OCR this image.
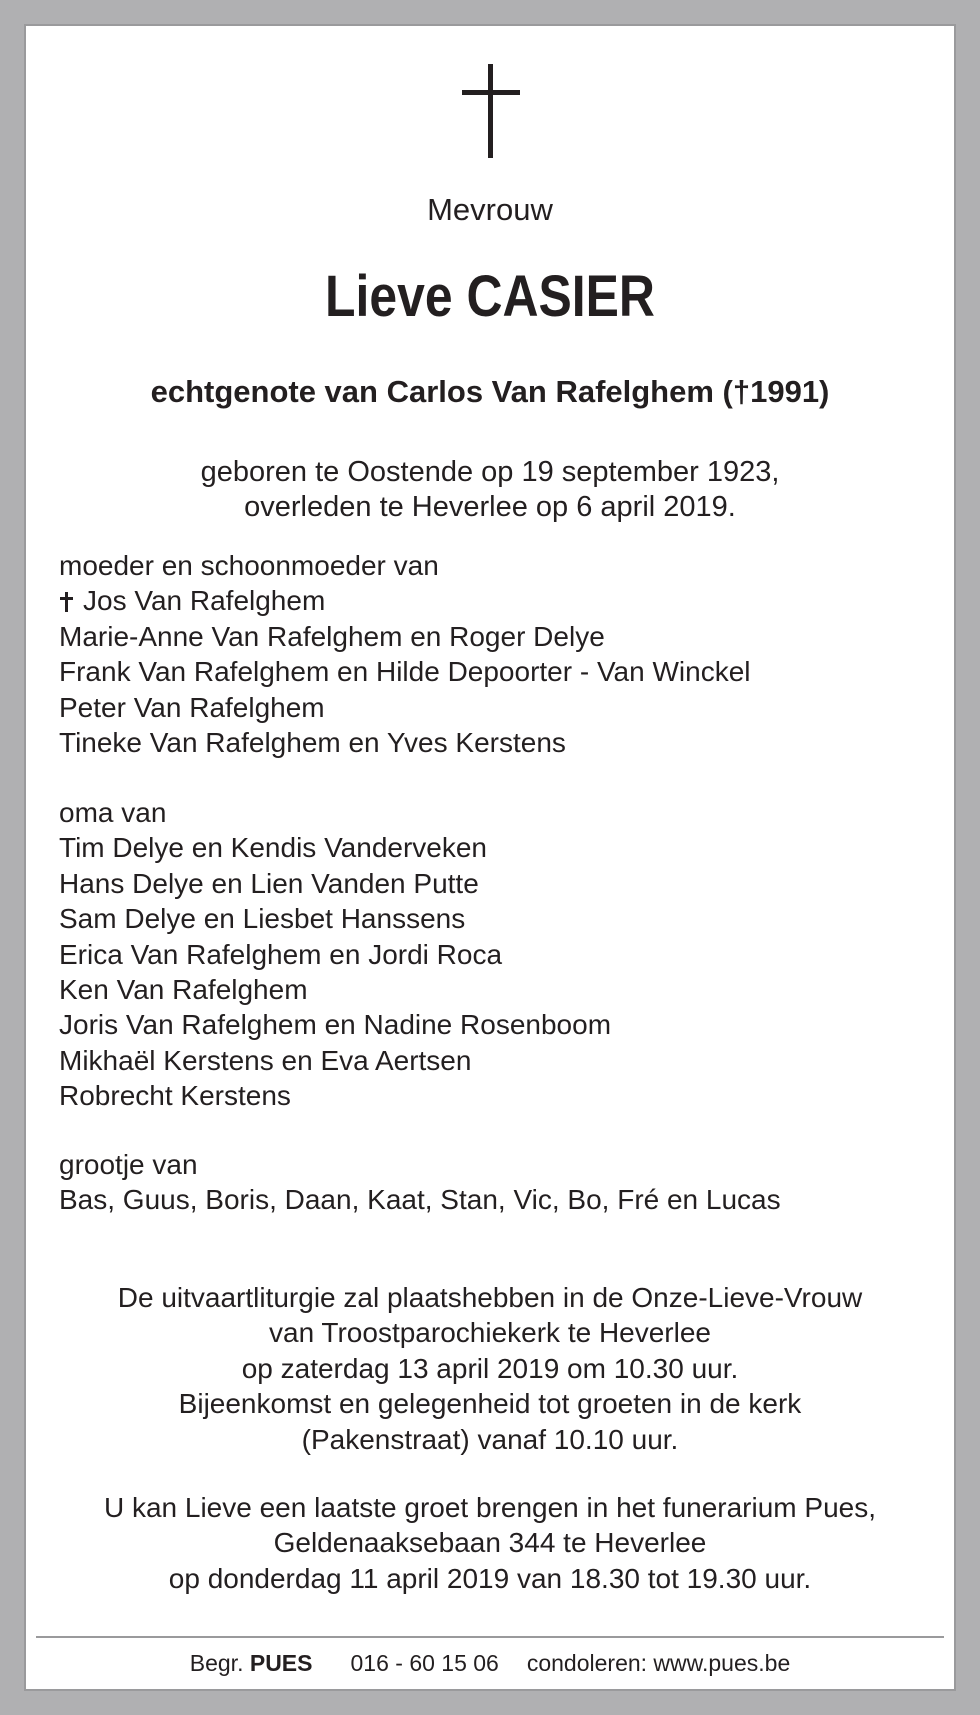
Mevrouw
Lieve CASIER
echtgenote van Carlos Van Rafelghem (†1991)
geboren te Oostende op 19 september 1923,
overleden te Heverlee op 6 april 2019.
moeder en schoonmoeder van
Jos Van Rafelghem
Marie-Anne Van Rafelghem en Roger Delye
Frank Van Rafelghem en Hilde Depoorter - Van Winckel
Peter Van Rafelghem
Tineke Van Rafelghem en Yves Kerstens
oma van
Tim Delye en Kendis Vanderveken
Hans Delye en Lien Vanden Putte
Sam Delye en Liesbet Hanssens
Erica Van Rafelghem en Jordi Roca
Ken Van Rafelghem
Joris Van Rafelghem en Nadine Rosenboom
Mikhaël Kerstens en Eva Aertsen
Robrecht Kerstens
grootje van
Bas, Guus, Boris, Daan, Kaat, Stan, Vic, Bo, Fré en Lucas
De uitvaartliturgie zal plaatshebben in de Onze-Lieve-Vrouw
van Troostparochiekerk te Heverlee
op zaterdag 13 april 2019 om 10.30 uur.
Bijeenkomst en gelegenheid tot groeten in de kerk
(Pakenstraat) vanaf 10.10 uur.
U kan Lieve een laatste groet brengen in het funerarium Pues,
Geldenaaksebaan 344 te Heverlee
op donderdag 11 april 2019 van 18.30 tot 19.30 uur.
Begr. PUES 016 - 60 15 06 condoleren: www.pues.be
